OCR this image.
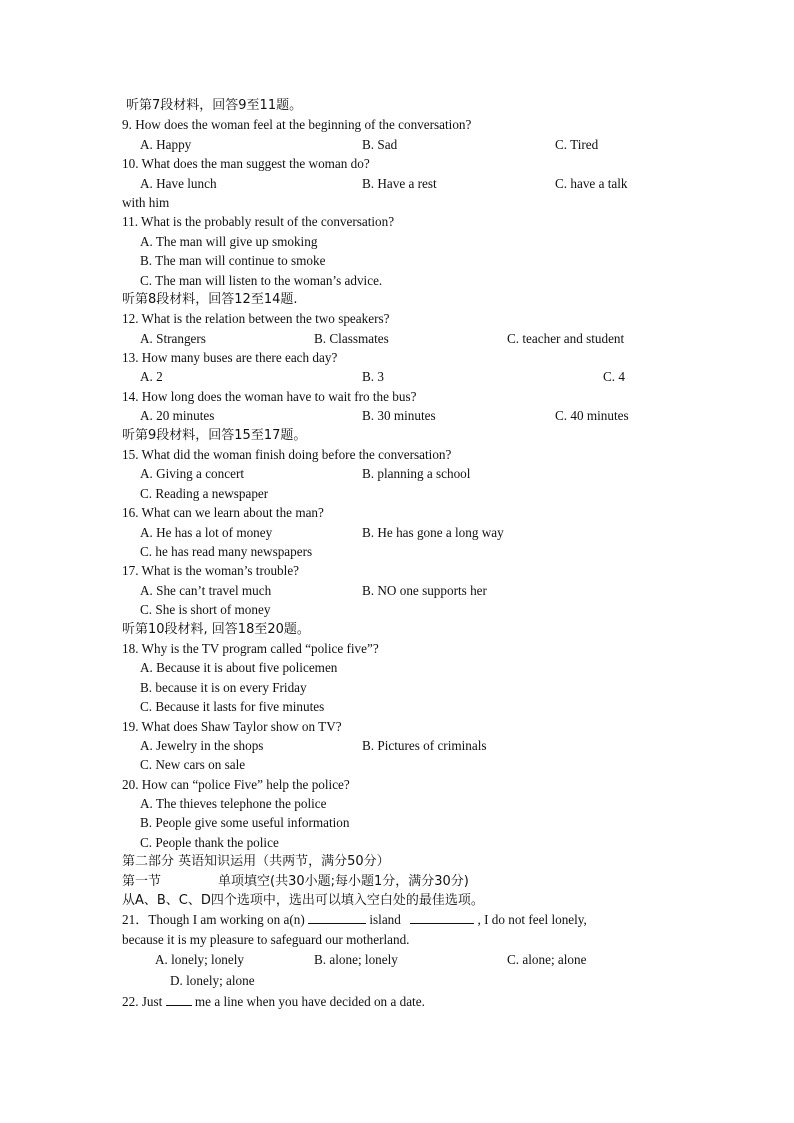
听第7段材料，回答9至11题。
9. How does the woman feel at the beginning of the conversation?
A. Happy	B. Sad	C. Tired
10. What does the man suggest the woman do?
A. Have lunch	B. Have a rest	C. have a talk
with him
11. What is the probably result of the conversation?
A. The man will give up smoking
B. The man will continue to smoke
C. The man will listen to the woman’s advice.
听第8段材料，回答12至14题.
12. What is the relation between the two speakers?
A. Strangers	B. Classmates	C. teacher and student
13. How many buses are there each day?
A. 2	B. 3	C. 4
14. How long does the woman have to wait fro the bus?
A. 20 minutes	B. 30 minutes	C. 40 minutes
听第9段材料，回答15至17题。
15. What did the woman finish doing before the conversation?
A. Giving a concert	B. planning a school
C. Reading a newspaper
16. What can we learn about the man?
A. He has a lot of money	B. He has gone a long way
C. he has read many newspapers
17. What is the woman’s trouble?
A. She can’t travel much	B. NO one supports her
C. She is short of money
听第10段材料, 回答18至20题。
18. Why is the TV program called “police five”?
A. Because it is about five policemen
B. because it is on every Friday
C. Because it lasts for five minutes
19. What does Shaw Taylor show on TV?
A. Jewelry in the shops	B. Pictures of criminals
C. New cars on sale
20. How can “police Five” help the police?
A. The thieves telephone the police
B. People give some useful information
C. People thank the police
第二部分 英语知识运用（共两节，满分50分）
第一节	单项填空(共30小题;每小题1分，满分30分)
从A、B、C、D四个选项中，选出可以填入空白处的最佳选项。
21．Though I am working on a(n)	island	, I do not feel lonely,
because it is my pleasure to safeguard our motherland.
A. lonely; lonely	B. alone; lonely	C. alone; alone
D. lonely; alone
22. Just me a line when you have decided on a date.
